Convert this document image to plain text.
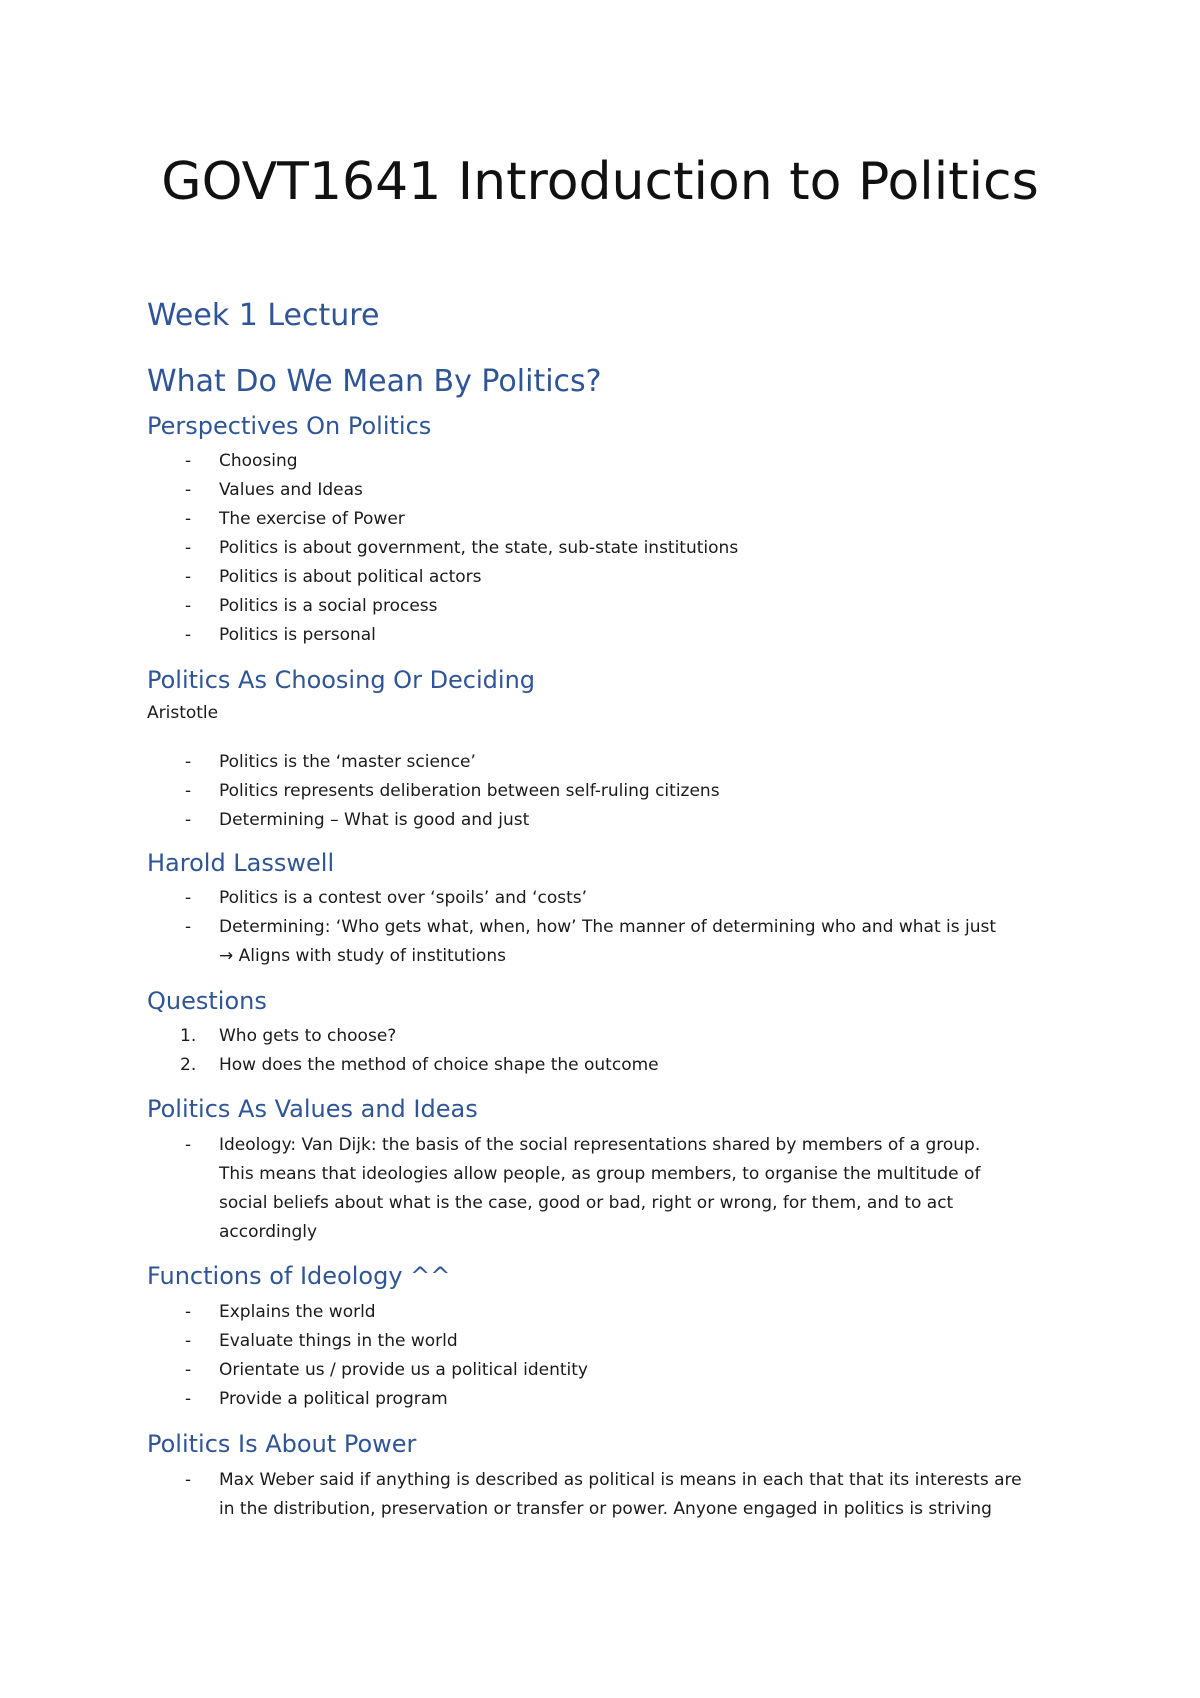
GOVT1641 Introduction to Politics
Week 1 Lecture
What Do We Mean By Politics?
Perspectives On Politics
- Choosing
- Values and Ideas
- The exercise of Power
- Politics is about government, the state, sub-state institutions
- Politics is about political actors
- Politics is a social process
- Politics is personal
Politics As Choosing Or Deciding

Aristotle

- Politics is the ‘master science’
- Politics represents deliberation between self-ruling citizens
- Determining – What is good and just
Harold Lasswell
- Politics is a contest over ‘spoils’ and ‘costs’
- Determining: ‘Who gets what, when, how’ The manner of determining who and what is just
→ Aligns with study of institutions
Questions
1. Who gets to choose?
2. How does the method of choice shape the outcome
Politics As Values and Ideas
- Ideology: Van Dijk: the basis of the social representations shared by members of a group.
This means that ideologies allow people, as group members, to organise the multitude of
social beliefs about what is the case, good or bad, right or wrong, for them, and to act
accordingly
Functions of Ideology ^^
- Explains the world
- Evaluate things in the world
- Orientate us / provide us a political identity
- Provide a political program
Politics Is About Power
- Max Weber said if anything is described as political is means in each that that its interests are
in the distribution, preservation or transfer or power. Anyone engaged in politics is striving
